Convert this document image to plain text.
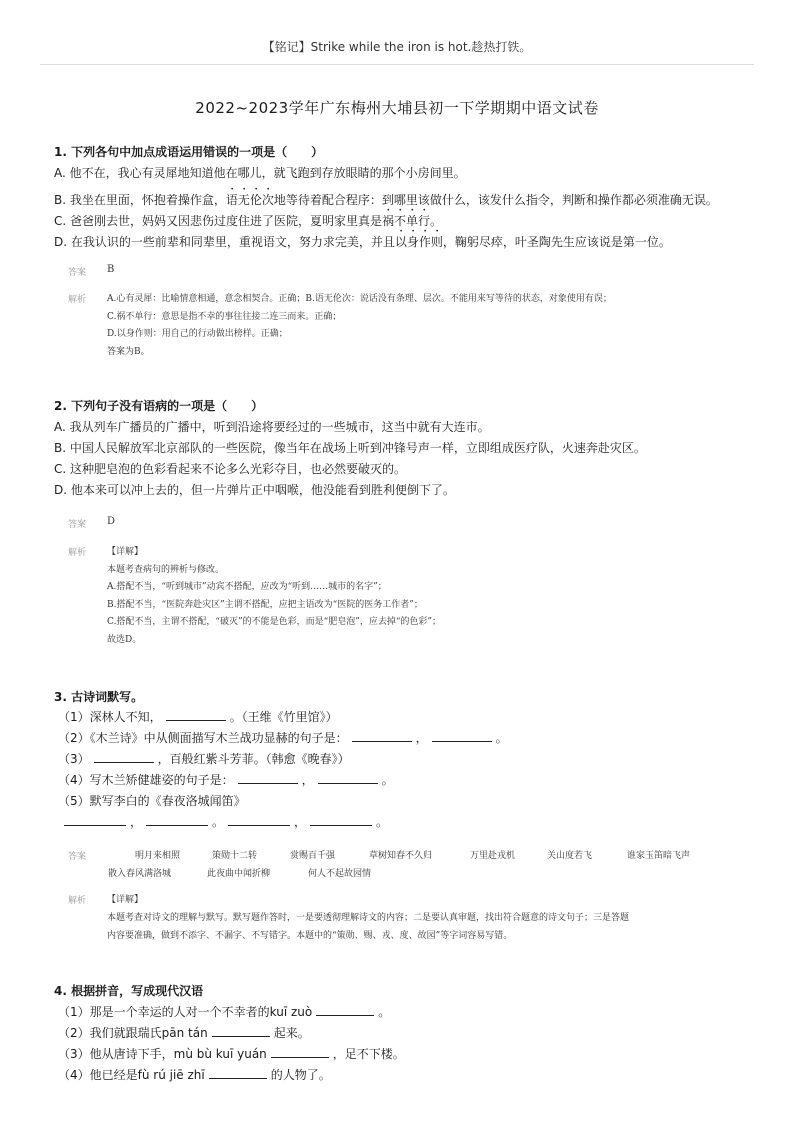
【铭记】Strike while the iron is hot.趁热打铁。
2022~2023学年广东梅州大埔县初一下学期期中语文试卷
1. 下列各句中加点成语运用错误的一项是（　　）
A. 他不在，我心有灵犀地知道他在哪儿，就飞跑到存放眼睛的那个小房间里。
B. 我坐在里面，怀抱着操作盒，语无伦次地等待着配合程序：到哪里该做什么，该发什么指令，判断和操作都必须准确无误。
C. 爸爸刚去世，妈妈又因悲伤过度住进了医院，夏明家里真是祸不单行。
D. 在我认识的一些前辈和同辈里，重视语文，努力求完美，并且以身作则，鞠躬尽瘁，叶圣陶先生应该说是第一位。
答案 B
解析 A.心有灵犀：比喻情意相通，意念相契合。正确；B.语无伦次：说话没有条理、层次。不能用来写等待的状态，对象使用有误；
C.祸不单行：意思是指不幸的事往往接二连三而来。正确；
D.以身作则：用自己的行动做出榜样。正确；
答案为B。
2. 下列句子没有语病的一项是（　　）
A. 我从列车广播员的广播中，听到沿途将要经过的一些城市，这当中就有大连市。
B. 中国人民解放军北京部队的一些医院，像当年在战场上听到冲锋号声一样，立即组成医疗队，火速奔赴灾区。
C. 这种肥皂泡的色彩看起来不论多么光彩夺目，也必然要破灭的。
D. 他本来可以冲上去的，但一片弹片正中咽喉，他没能看到胜利便倒下了。
答案 D
解析 【详解】
本题考查病句的辨析与修改。
A.搭配不当，“听到城市”动宾不搭配，应改为“听到……城市的名字”；
B.搭配不当，“医院奔赴灾区”主谓不搭配，应把主语改为“医院的医务工作者”；
C.搭配不当，主谓不搭配，“破灭”的不能是色彩，而是“肥皂泡”，应去掉“的色彩”；
故选D。
3. 古诗词默写。
（1）深林人不知，	。（王维《竹里馆》）
（2）《木兰诗》中从侧面描写木兰战功显赫的句子是：	，	。
（3）	，百般红紫斗芳菲。（韩愈《晚春》）
（4）写木兰矫健雄姿的句子是：	，	。
（5）默写李白的《春夜洛城闻笛》
，	。	，	。
答案	明月来相照	策勋十二转	赏赐百千强	草树知春不久归	万里赴戎机	关山度若飞	谁家玉笛暗飞声
散入春风满洛城	此夜曲中闻折柳	何人不起故园情
解析 【详解】
本题考查对诗文的理解与默写。默写题作答时，一是要透彻理解诗文的内容；二是要认真审题，找出符合题意的诗文句子；三是答题
内容要准确，做到不添字、不漏字、不写错字。本题中的“策勋、赐、戎、度、故园”等字词容易写错。
4. 根据拼音，写成现代汉语
（1）那是一个幸运的人对一个不幸者的kuī zuò	。
（2）我们就跟瑞氏pān tán	起来。
（3）他从唐诗下手，mù bù kuī yuán	，足不下楼。
（4）他已经是fù rú jiē zhī	的人物了。
